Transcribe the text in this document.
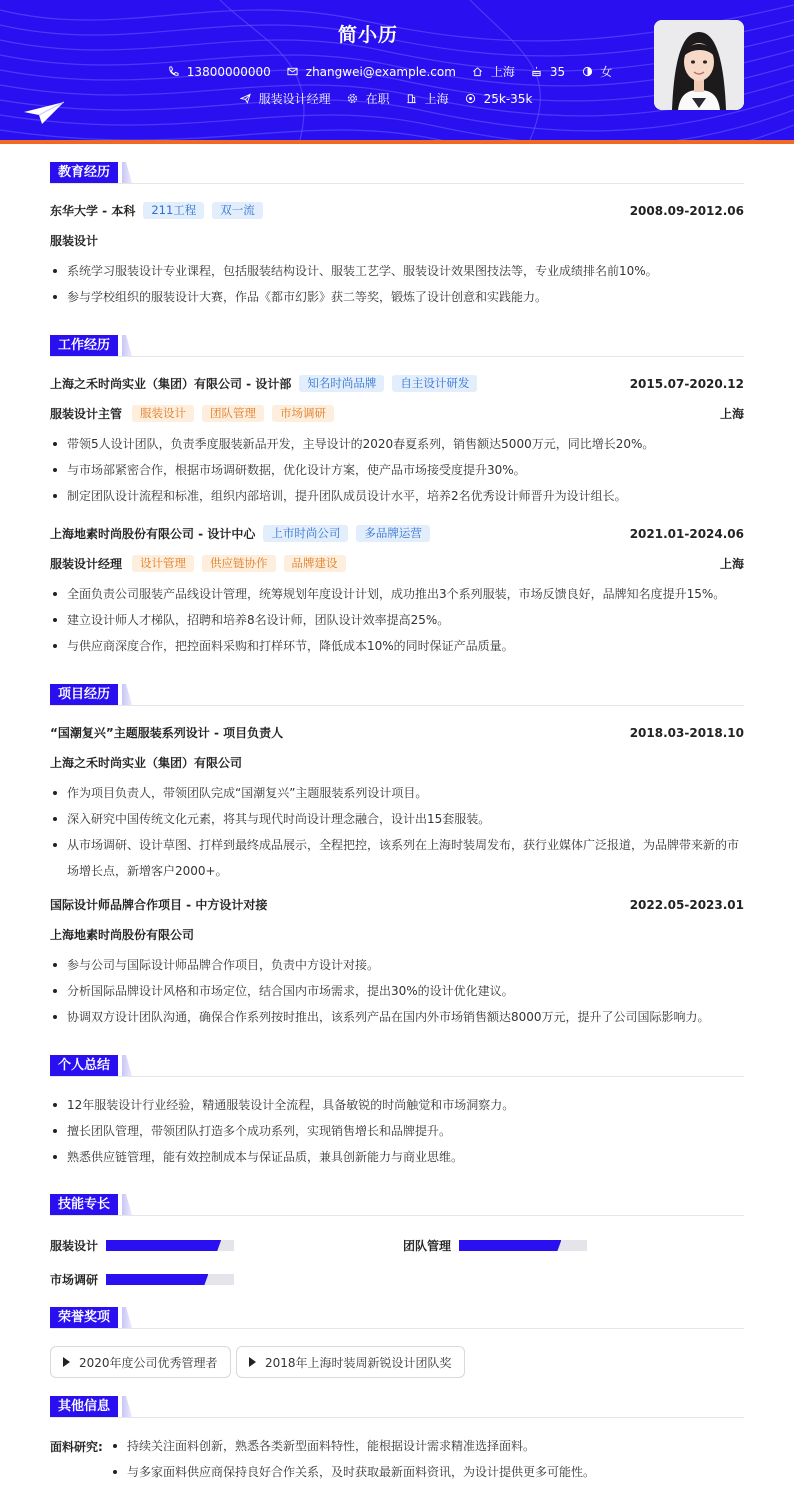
简小历
13800000000	zhangwei@example.com	上海	35	女
服装设计经理	在职	上海	25k-35k
教育经历
东华大学 - 本科	211工程	双一流	2008.09-2012.06
服装设计
系统学习服装设计专业课程，包括服装结构设计、服装工艺学、服装设计效果图技法等，专业成绩排名前10%。
参与学校组织的服装设计大赛，作品《都市幻影》获二等奖，锻炼了设计创意和实践能力。
工作经历
上海之禾时尚实业（集团）有限公司 - 设计部	知名时尚品牌	自主设计研发	2015.07-2020.12
服装设计主管	服装设计	团队管理	市场调研	上海
带领5人设计团队，负责季度服装新品开发，主导设计的2020春夏系列，销售额达5000万元，同比增长20%。
与市场部紧密合作，根据市场调研数据，优化设计方案，使产品市场接受度提升30%。
制定团队设计流程和标准，组织内部培训，提升团队成员设计水平，培养2名优秀设计师晋升为设计组长。
上海地素时尚股份有限公司 - 设计中心	上市时尚公司	多品牌运营	2021.01-2024.06
服装设计经理	设计管理	供应链协作	品牌建设	上海
全面负责公司服装产品线设计管理，统筹规划年度设计计划，成功推出3个系列服装，市场反馈良好，品牌知名度提升15%。
建立设计师人才梯队，招聘和培养8名设计师，团队设计效率提高25%。
与供应商深度合作，把控面料采购和打样环节，降低成本10%的同时保证产品质量。
项目经历
“国潮复兴”主题服装系列设计 - 项目负责人	2018.03-2018.10
上海之禾时尚实业（集团）有限公司
作为项目负责人，带领团队完成“国潮复兴”主题服装系列设计项目。
深入研究中国传统文化元素，将其与现代时尚设计理念融合，设计出15套服装。
从市场调研、设计草图、打样到最终成品展示，全程把控，该系列在上海时装周发布，获行业媒体广泛报道，为品牌带来新的市场增长点，新增客户2000+。
国际设计师品牌合作项目 - 中方设计对接	2022.05-2023.01
上海地素时尚股份有限公司
参与公司与国际设计师品牌合作项目，负责中方设计对接。
分析国际品牌设计风格和市场定位，结合国内市场需求，提出30%的设计优化建议。
协调双方设计团队沟通，确保合作系列按时推出，该系列产品在国内外市场销售额达8000万元，提升了公司国际影响力。
个人总结
12年服装设计行业经验，精通服装设计全流程，具备敏锐的时尚触觉和市场洞察力。
擅长团队管理，带领团队打造多个成功系列，实现销售增长和品牌提升。
熟悉供应链管理，能有效控制成本与保证品质，兼具创新能力与商业思维。
技能专长
服装设计	团队管理
市场调研
荣誉奖项
2020年度公司优秀管理者	2018年上海时装周新锐设计团队奖
其他信息
面料研究:	持续关注面料创新，熟悉各类新型面料特性，能根据设计需求精准选择面料。
与多家面料供应商保持良好合作关系，及时获取最新面料资讯，为设计提供更多可能性。
